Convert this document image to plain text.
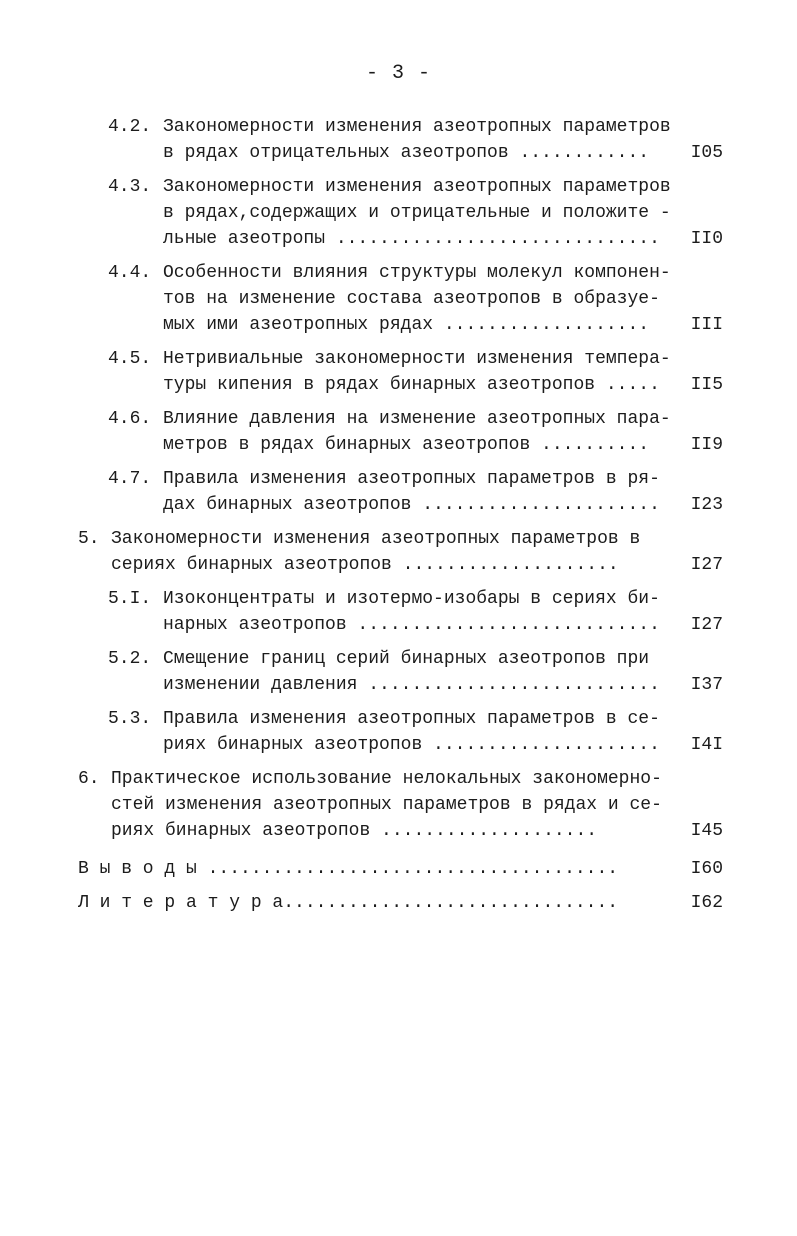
- 3 -
4.2. Закономерности изменения азеотропных параметров
в рядах отрицательных азеотропов ............	I05
4.3. Закономерности изменения азеотропных параметров
в рядах,содержащих и отрицательные и положите -
льные азеотропы ..............................	II0
4.4. Особенности влияния структуры молекул компонен-
тов на изменение состава азеотропов в образуе-
мых ими азеотропных рядах ...................	III
4.5. Нетривиальные закономерности изменения темпера-
туры кипения в рядах бинарных азеотропов .....	II5
4.6. Влияние давления на изменение азеотропных пара-
метров в рядах бинарных азеотропов ..........	II9
4.7. Правила изменения азеотропных параметров в ря-
дах бинарных азеотропов ......................	I23
5. Закономерности изменения азеотропных параметров в
сериях бинарных азеотропов ....................	I27
5.I. Изоконцентраты и изотермо-изобары в сериях би-
нарных азеотропов ............................	I27
5.2. Смещение границ серий бинарных азеотропов при
изменении давления ...........................	I37
5.3. Правила изменения азеотропных параметров в се-
риях бинарных азеотропов .....................	I4I
6. Практическое использование нелокальных закономерно-
стей изменения азеотропных параметров в рядах и се-
риях бинарных азеотропов ....................	I45
В ы в о д ы ......................................	I60
Л и т е р а т у р а...............................	I62
